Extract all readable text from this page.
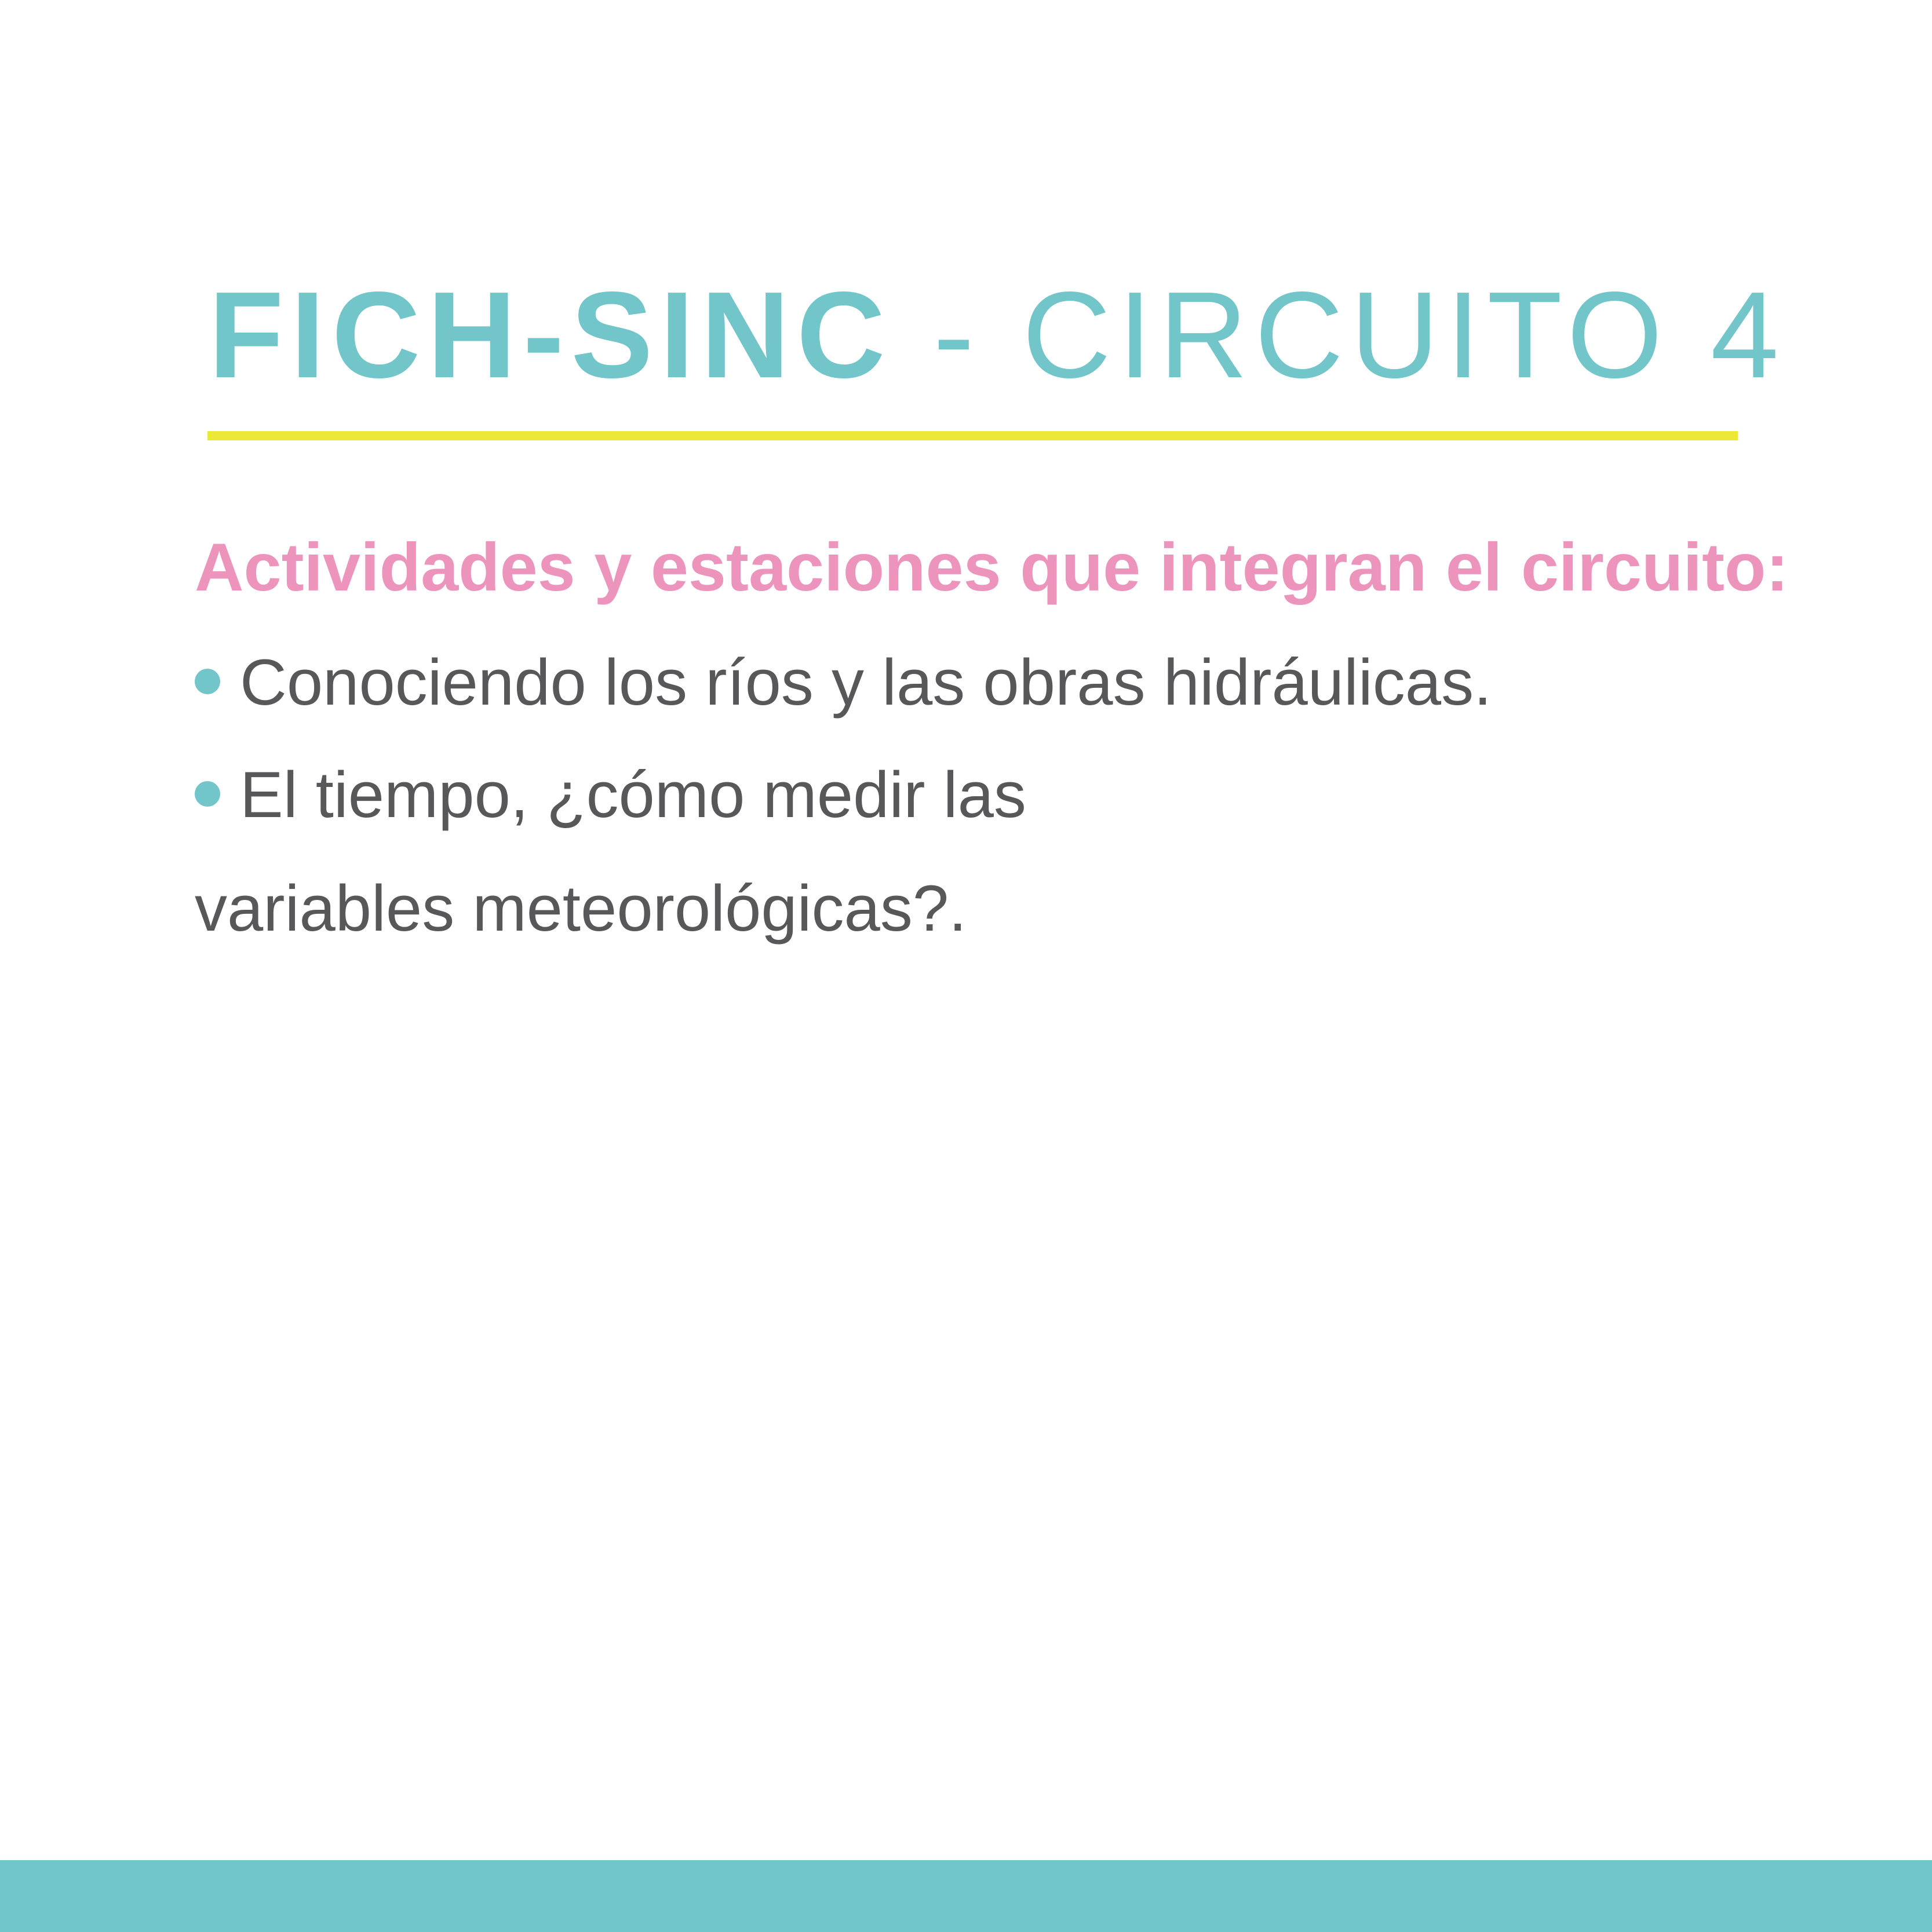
FICH-SINC - CIRCUITO 4
Actividades y estaciones que integran el circuito:

Conociendo los ríos y las obras hidráulicas.

El tiempo, ¿cómo medir las

variables meteorológicas?.
